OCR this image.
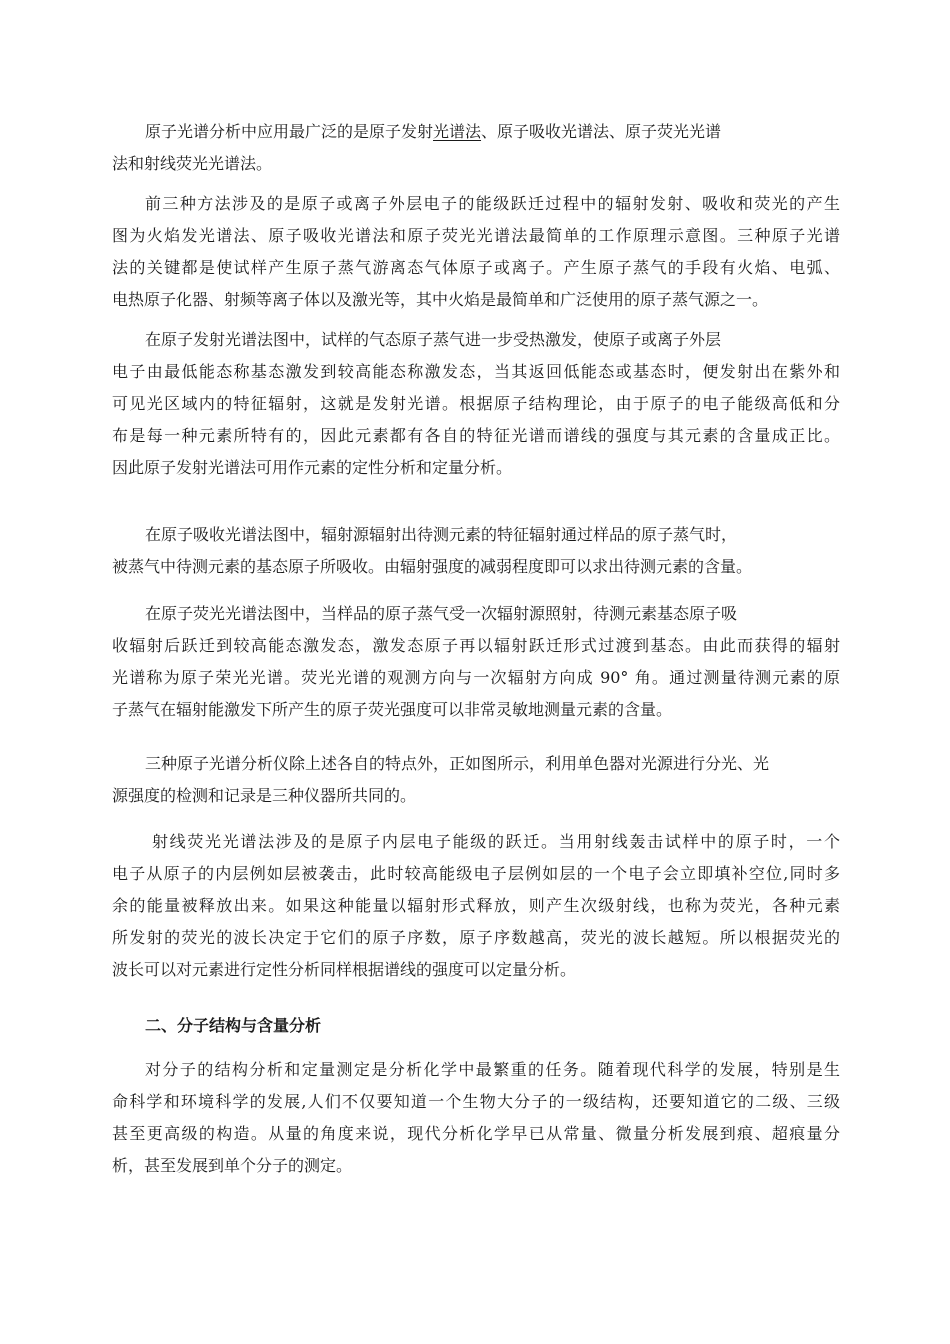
原子光谱分析中应用最广泛的是原子发射光谱法、原子吸收光谱法、原子荧光光谱
法和射线荧光光谱法。
前三种方法涉及的是原子或离子外层电子的能级跃迁过程中的辐射发射、吸收和荧光的产生
图为火焰发光谱法、原子吸收光谱法和原子荧光光谱法最简单的工作原理示意图。三种原子光谱
法的关键都是使试样产生原子蒸气游离态气体原子或离子。产生原子蒸气的手段有火焰、电弧、
电热原子化器、射频等离子体以及激光等，其中火焰是最简单和广泛使用的原子蒸气源之一。
在原子发射光谱法图中，试样的气态原子蒸气进一步受热激发，使原子或离子外层
电子由最低能态称基态激发到较高能态称激发态，当其返回低能态或基态时，便发射出在紫外和
可见光区域内的特征辐射，这就是发射光谱。根据原子结构理论，由于原子的电子能级高低和分
布是每一种元素所特有的，因此元素都有各自的特征光谱而谱线的强度与其元素的含量成正比。
因此原子发射光谱法可用作元素的定性分析和定量分析。
在原子吸收光谱法图中，辐射源辐射出待测元素的特征辐射通过样品的原子蒸气时，
被蒸气中待测元素的基态原子所吸收。由辐射强度的减弱程度即可以求出待测元素的含量。
在原子荧光光谱法图中，当样品的原子蒸气受一次辐射源照射，待测元素基态原子吸
收辐射后跃迁到较高能态激发态，激发态原子再以辐射跃迁形式过渡到基态。由此而获得的辐射
光谱称为原子荣光光谱。荧光光谱的观测方向与一次辐射方向成 90° 角。通过测量待测元素的原
子蒸气在辐射能激发下所产生的原子荧光强度可以非常灵敏地测量元素的含量。
三种原子光谱分析仪除上述各自的特点外，正如图所示，利用单色器对光源进行分光、光
源强度的检测和记录是三种仪器所共同的。
射线荧光光谱法涉及的是原子内层电子能级的跃迁。当用射线轰击试样中的原子时，一个
电子从原子的内层例如层被袭击，此时较高能级电子层例如层的一个电子会立即填补空位,同时多
余的能量被释放出来。如果这种能量以辐射形式释放，则产生次级射线，也称为荧光，各种元素
所发射的荧光的波长决定于它们的原子序数，原子序数越高，荧光的波长越短。所以根据荧光的
波长可以对元素进行定性分析同样根据谱线的强度可以定量分析。
二、分子结构与含量分析
对分子的结构分析和定量测定是分析化学中最繁重的任务。随着现代科学的发展，特别是生
命科学和环境科学的发展,人们不仅要知道一个生物大分子的一级结构，还要知道它的二级、三级
甚至更高级的构造。从量的角度来说，现代分析化学早已从常量、微量分析发展到痕、超痕量分
析，甚至发展到单个分子的测定。
